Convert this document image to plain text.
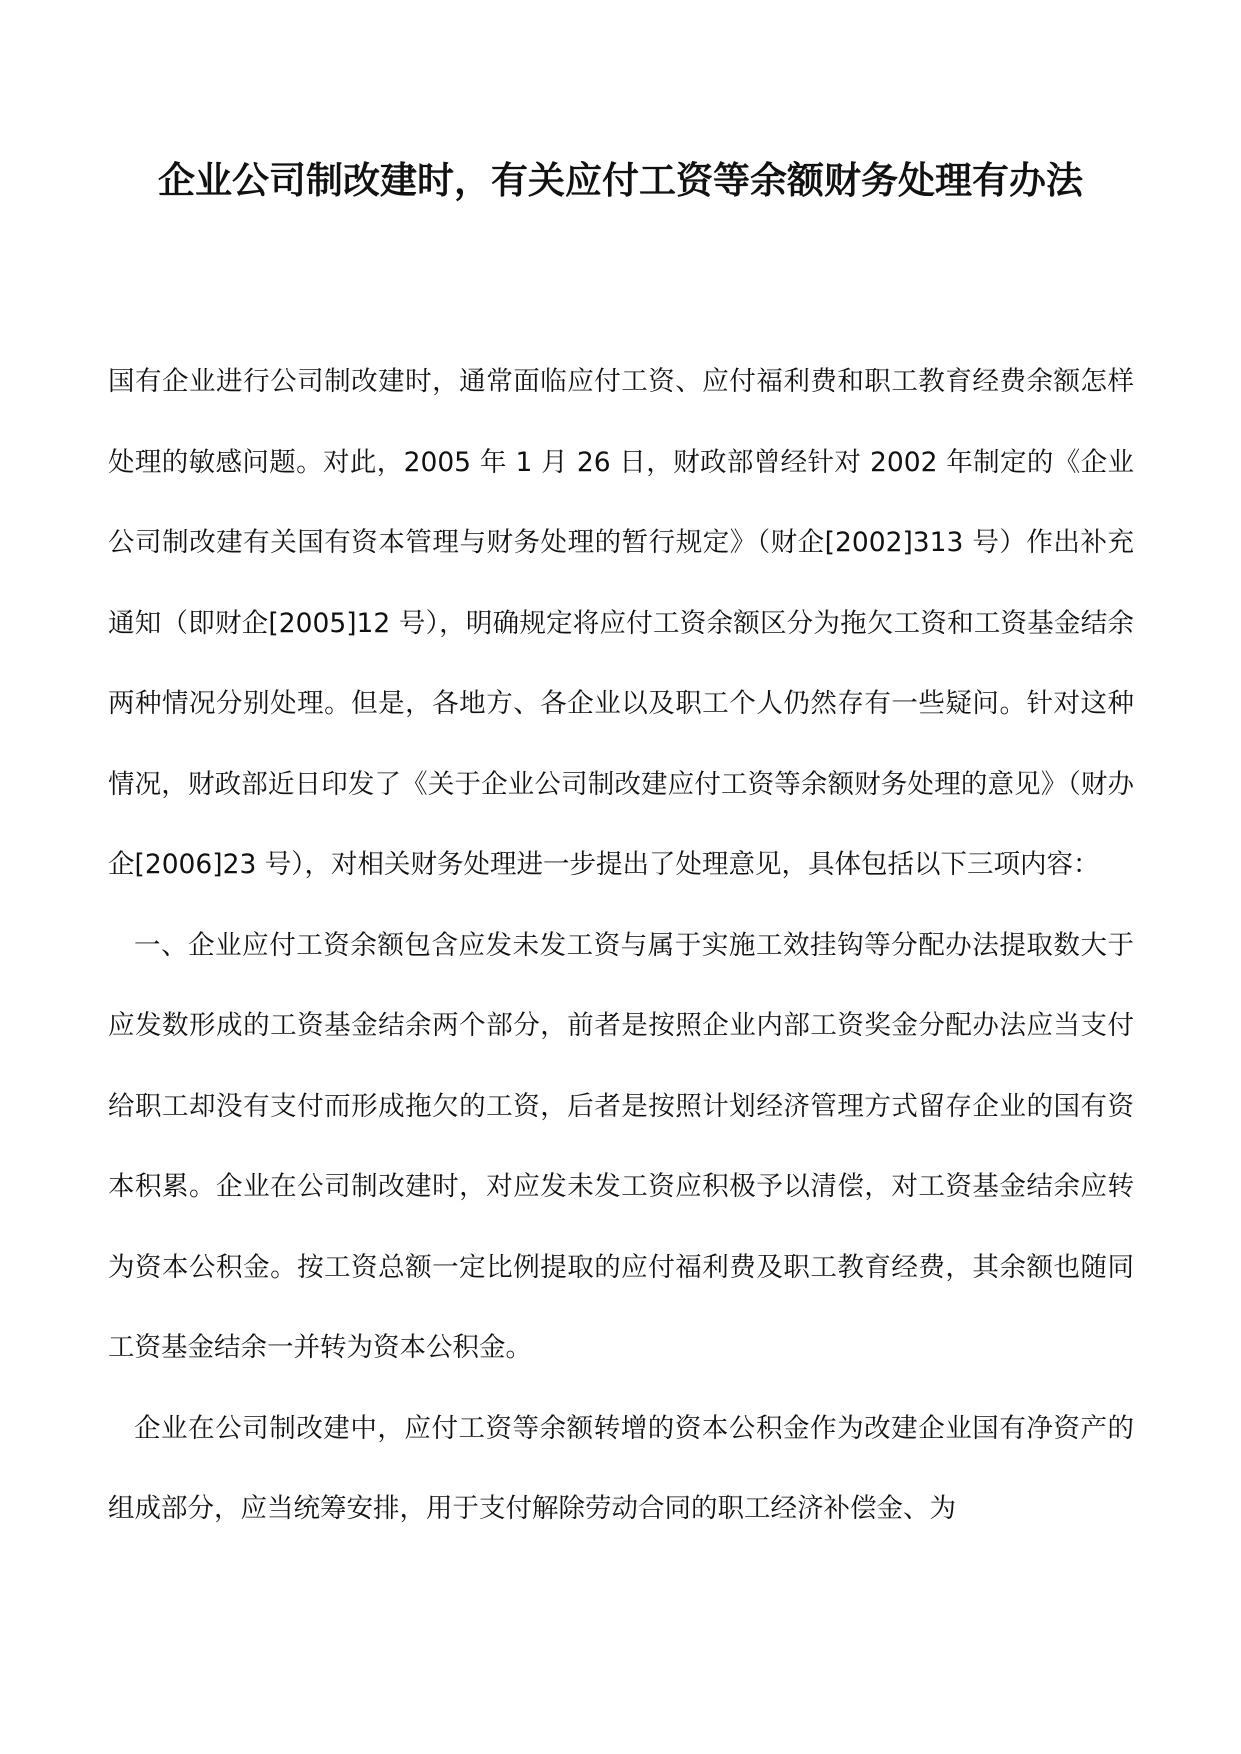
企业公司制改建时，有关应付工资等余额财务处理有办法

国有企业进行公司制改建时，通常面临应付工资、应付福利费和职工教育经费余额怎样处理的敏感问题。对此，2005 年 1 月 26 日，财政部曾经针对 2002 年制定的《企业公司制改建有关国有资本管理与财务处理的暂行规定》（财企[2002]313 号）作出补充通知（即财企[2005]12 号），明确规定将应付工资余额区分为拖欠工资和工资基金结余两种情况分别处理。但是，各地方、各企业以及职工个人仍然存有一些疑问。针对这种情况，财政部近日印发了《关于企业公司制改建应付工资等余额财务处理的意见》（财办企[2006]23 号），对相关财务处理进一步提出了处理意见，具体包括以下三项内容：

一、企业应付工资余额包含应发未发工资与属于实施工效挂钩等分配办法提取数大于应发数形成的工资基金结余两个部分，前者是按照企业内部工资奖金分配办法应当支付给职工却没有支付而形成拖欠的工资，后者是按照计划经济管理方式留存企业的国有资本积累。企业在公司制改建时，对应发未发工资应积极予以清偿，对工资基金结余应转为资本公积金。按工资总额一定比例提取的应付福利费及职工教育经费，其余额也随同工资基金结余一并转为资本公积金。

企业在公司制改建中，应付工资等余额转增的资本公积金作为改建企业国有净资产的组成部分，应当统筹安排，用于支付解除劳动合同的职工经济补偿金、为
